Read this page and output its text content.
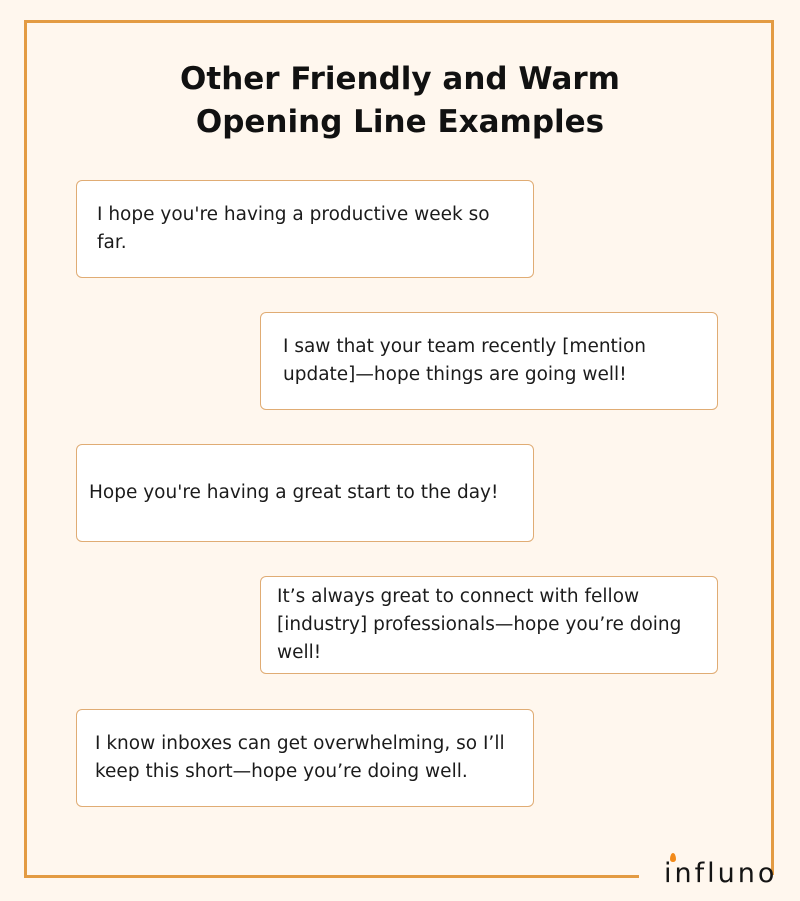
Other Friendly and Warm
Opening Line Examples
I hope you're having a productive week so far.
I saw that your team recently [mention update]—hope things are going well!
Hope you're having a great start to the day!
It’s always great to connect with fellow [industry] professionals—hope you’re doing well!
I know inboxes can get overwhelming, so I’ll keep this short—hope you’re doing well.
influno
